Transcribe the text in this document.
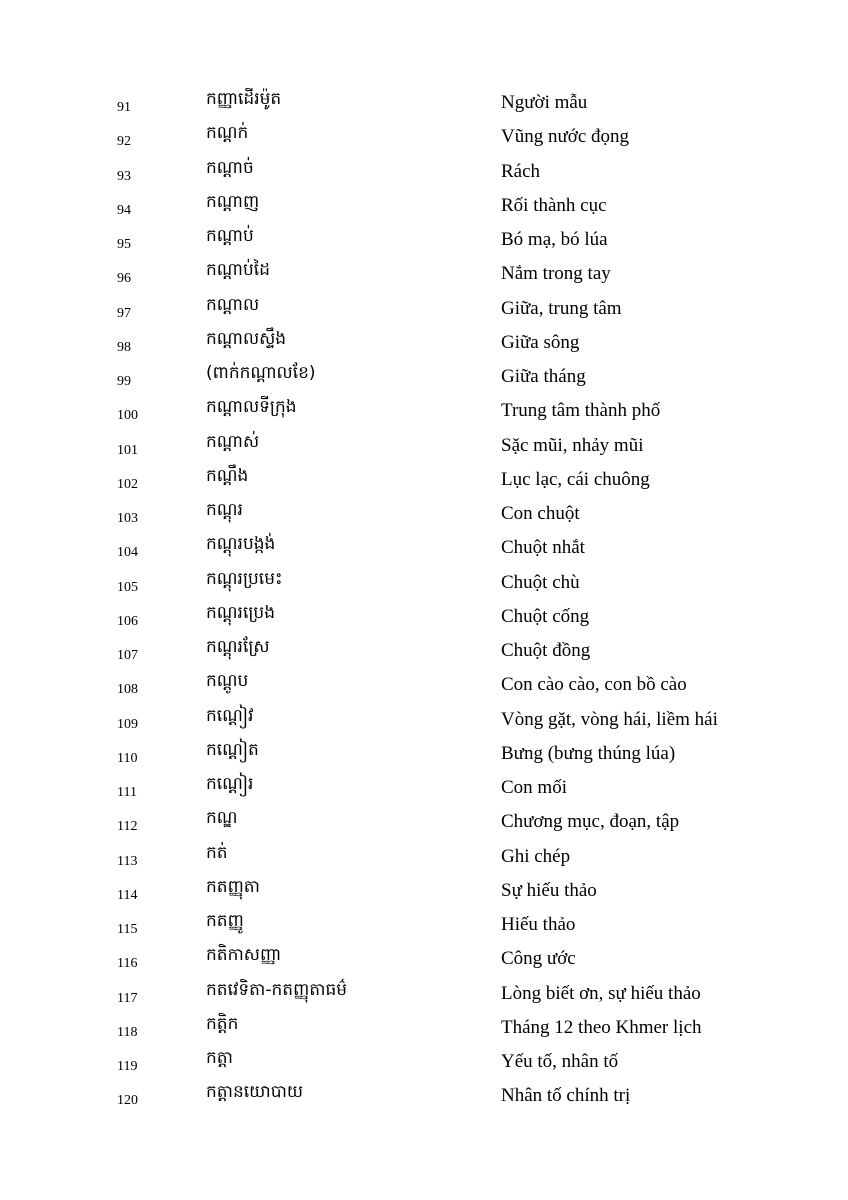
91	កញ្ញាដើរម៉ូត	Người mẫu
92	កណ្តក់	Vũng nước đọng
93	កណ្តាច់	Rách
94	កណ្តាញ	Rối thành cục
95	កណ្តាប់	Bó mạ, bó lúa
96	កណ្តាប់ដៃ	Nắm trong tay
97	កណ្តាល	Giữa, trung tâm
98	កណ្តាលស្ទឹង	Giữa sông
99	(ពាក់កណ្តាលខែ)	Giữa tháng
100	កណ្តាលទីក្រុង	Trung tâm thành phố
101	កណ្តាស់	Sặc mũi, nhảy mũi
102	កណ្តឹង	Lục lạc, cái chuông
103	កណ្តុរ	Con chuột
104	កណ្តុរបង្កង់	Chuột nhắt
105	កណ្តុរប្រមេះ	Chuột chù
106	កណ្តុរប្រេង	Chuột cống
107	កណ្តុរស្រែ	Chuột đồng
108	កណ្តូប	Con cào cào, con bồ cào
109	កណ្តៀវ	Vòng gặt, vòng hái, liềm hái
110	កណ្តៀត	Bưng (bưng thúng lúa)
111	កណ្តៀរ	Con mối
112	កណ្ឌ	Chương mục, đoạn, tập
113	កត់	Ghi chép
114	កតញ្ញុតា	Sự hiếu thảo
115	កតញ្ញូ	Hiếu thảo
116	កតិកាសញ្ញា	Công ước
117	កតវេទិតា-កតញ្ញុតាធម៌	Lòng biết ơn, sự hiếu thảo
118	កត្តិក	Tháng 12 theo Khmer lịch
119	កត្តា	Yếu tố, nhân tố
120	កត្តានយោបាយ	Nhân tố chính trị
